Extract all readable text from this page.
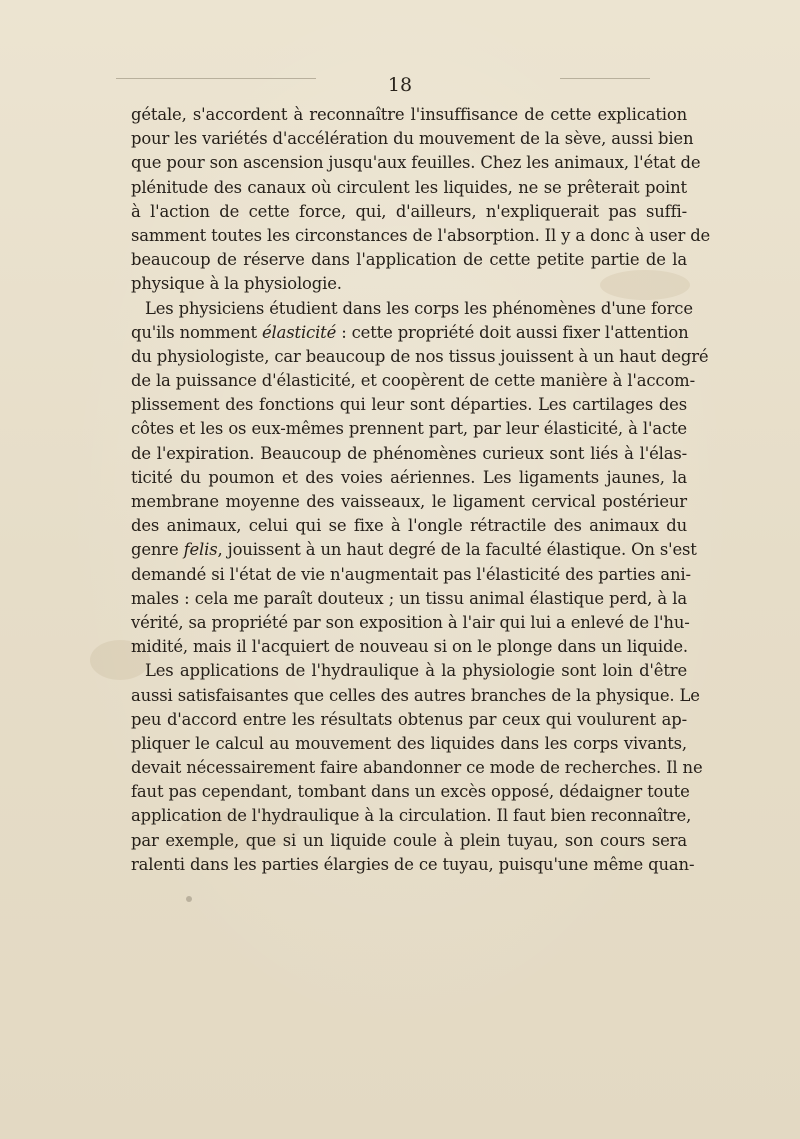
18
gétale, s'accordent à reconnaître l'insuffisance de cette explication
pour les variétés d'accélération du mouvement de la sève, aussi bien
que pour son ascension jusqu'aux feuilles. Chez les animaux, l'état de
plénitude des canaux où circulent les liquides, ne se prêterait point
à l'action de cette force, qui, d'ailleurs, n'expliquerait pas suffi-
samment toutes les circonstances de l'absorption. Il y a donc à user de
beaucoup de réserve dans l'application de cette petite partie de la
physique à la physiologie.
Les physiciens étudient dans les corps les phénomènes d'une force
qu'ils nomment élasticité : cette propriété doit aussi fixer l'attention
du physiologiste, car beaucoup de nos tissus jouissent à un haut degré
de la puissance d'élasticité, et coopèrent de cette manière à l'accom-
plissement des fonctions qui leur sont départies. Les cartilages des
côtes et les os eux-mêmes prennent part, par leur élasticité, à l'acte
de l'expiration. Beaucoup de phénomènes curieux sont liés à l'élas-
ticité du poumon et des voies aériennes. Les ligaments jaunes, la
membrane moyenne des vaisseaux, le ligament cervical postérieur
des animaux, celui qui se fixe à l'ongle rétractile des animaux du
genre felis, jouissent à un haut degré de la faculté élastique. On s'est
demandé si l'état de vie n'augmentait pas l'élasticité des parties ani-
males : cela me paraît douteux ; un tissu animal élastique perd, à la
vérité, sa propriété par son exposition à l'air qui lui a enlevé de l'hu-
midité, mais il l'acquiert de nouveau si on le plonge dans un liquide.
Les applications de l'hydraulique à la physiologie sont loin d'être
aussi satisfaisantes que celles des autres branches de la physique. Le
peu d'accord entre les résultats obtenus par ceux qui voulurent ap-
pliquer le calcul au mouvement des liquides dans les corps vivants,
devait nécessairement faire abandonner ce mode de recherches. Il ne
faut pas cependant, tombant dans un excès opposé, dédaigner toute
application de l'hydraulique à la circulation. Il faut bien reconnaître,
par exemple, que si un liquide coule à plein tuyau, son cours sera
ralenti dans les parties élargies de ce tuyau, puisqu'une même quan-
